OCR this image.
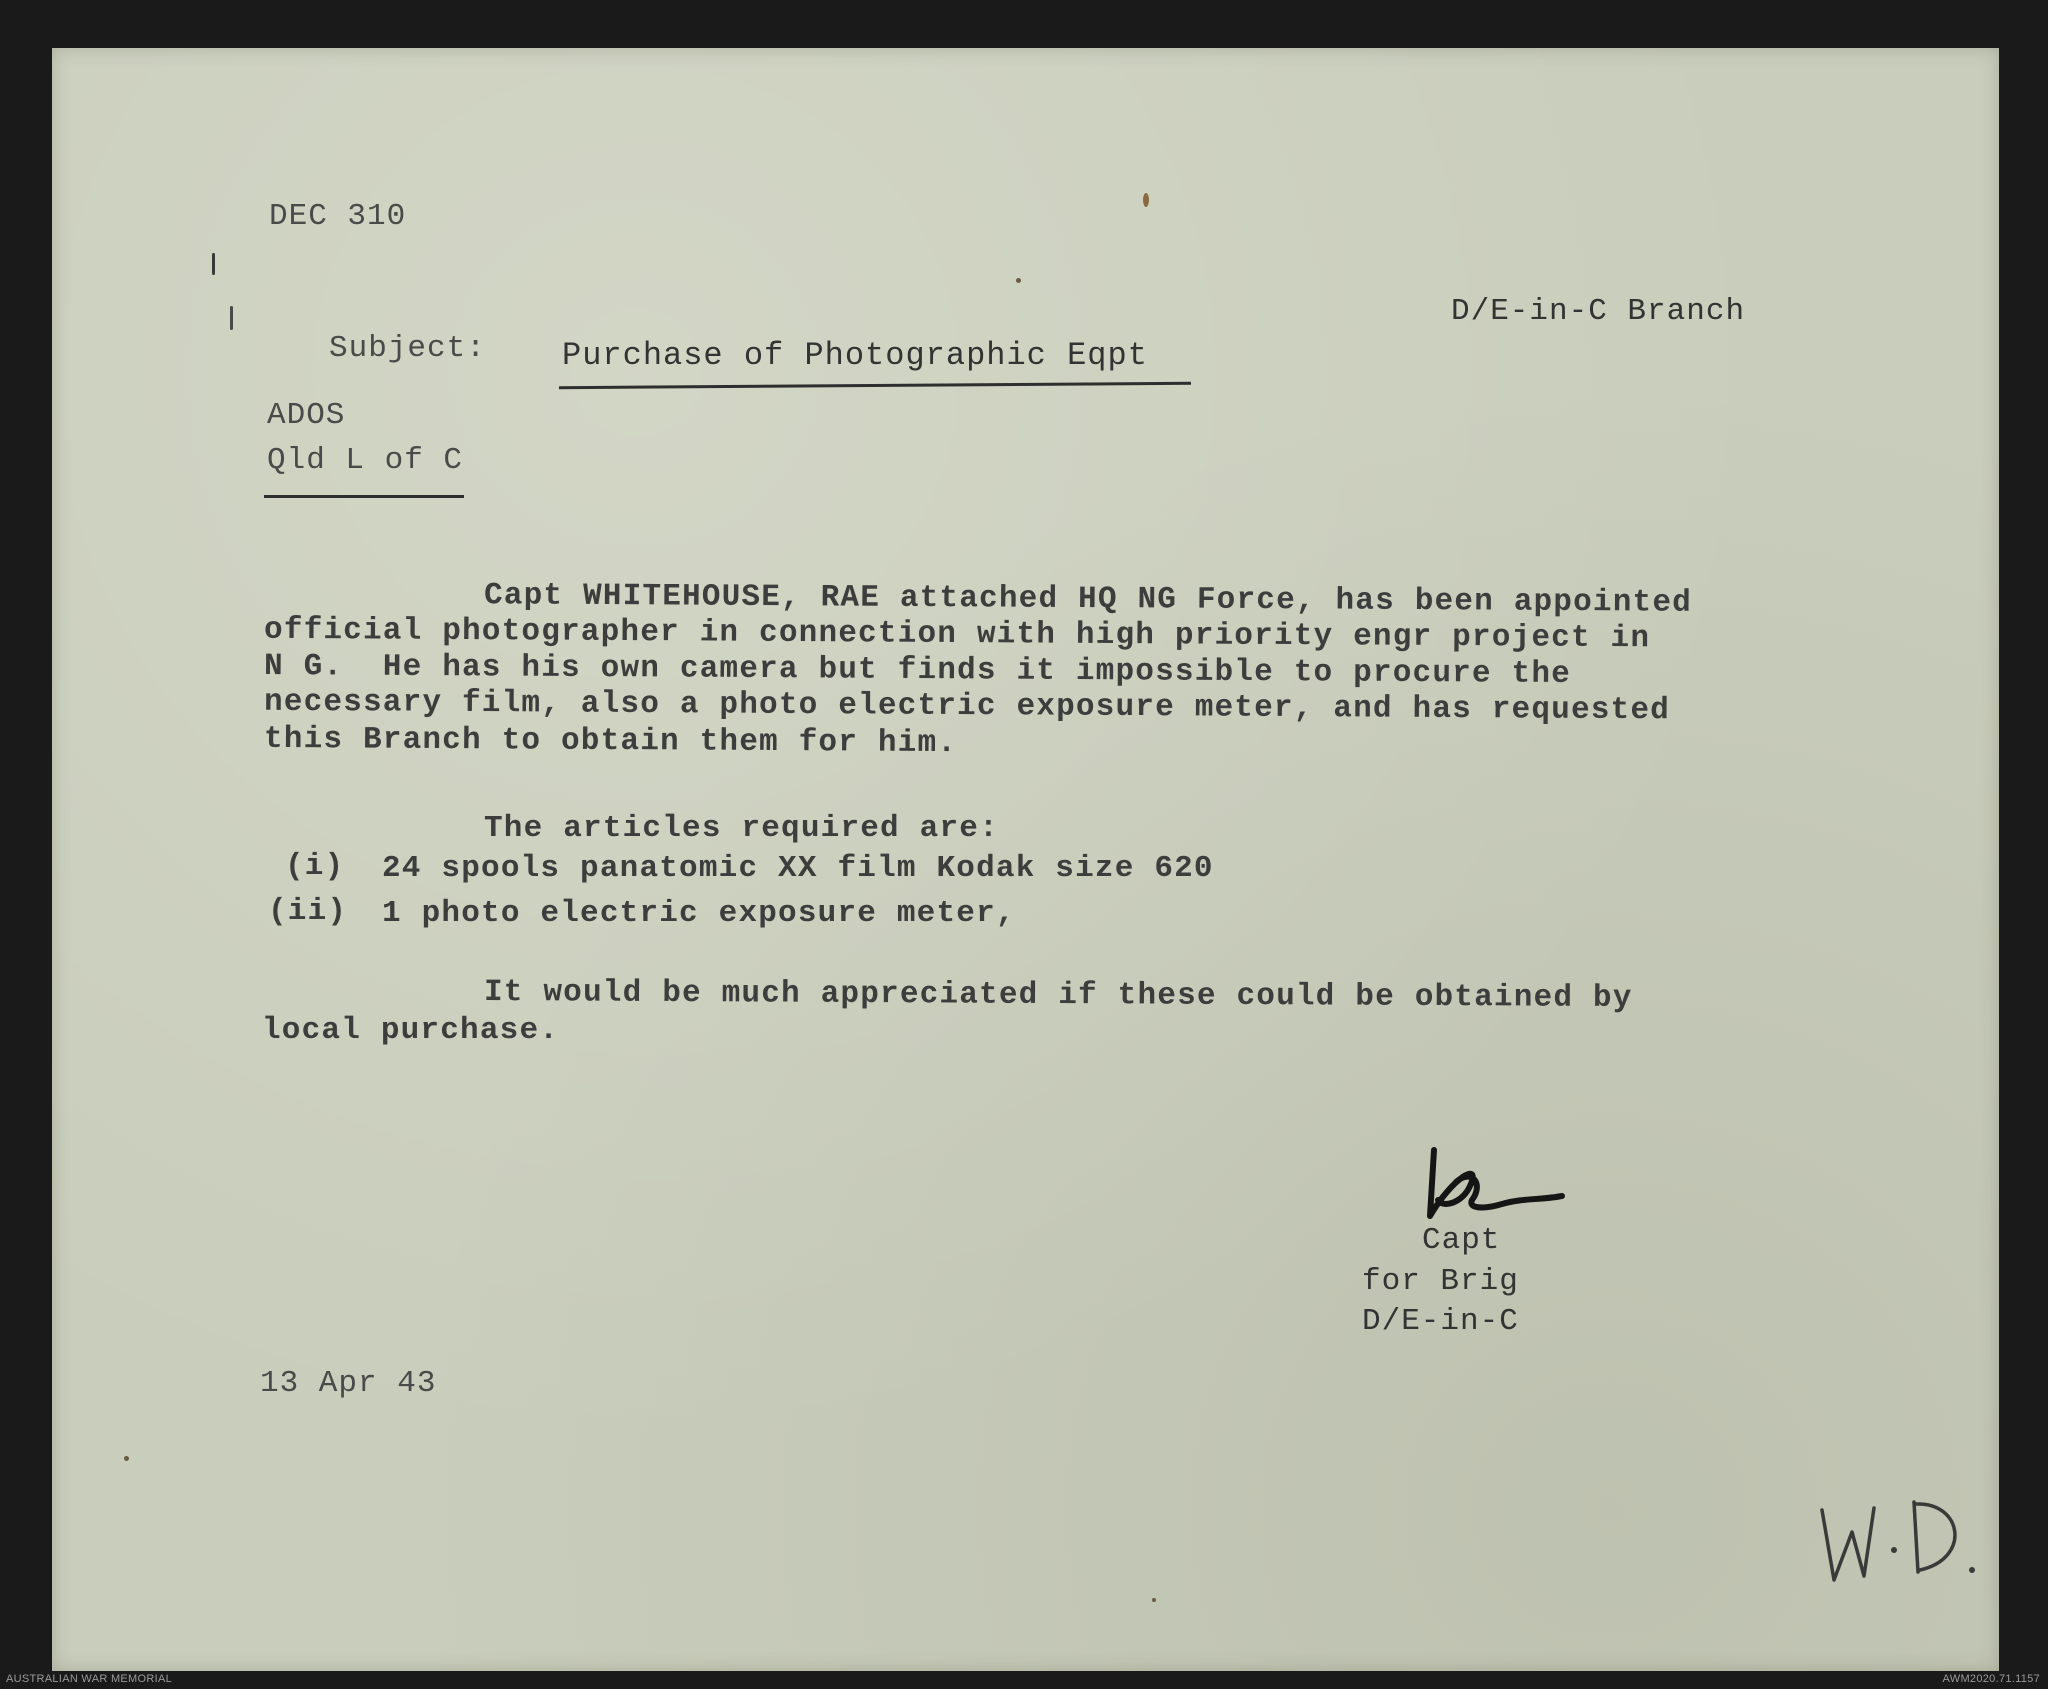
DEC 310
D/E-in-C Branch
Subject: Purchase of Photographic Eqpt
ADOS
Qld L of C
Capt WHITEHOUSE, RAE attached HQ NG Force, has been appointed
official photographer in connection with high priority engr project in
N G.  He has his own camera but finds it impossible to procure the
necessary film, also a photo electric exposure meter, and has requested
this Branch to obtain them for him.
The articles required are:
(i) 24 spools panatomic XX film Kodak size 620
(ii) 1 photo electric exposure meter,
It would be much appreciated if these could be obtained by
local purchase.
Capt
for Brig
D/E-in-C
13 Apr 43
AUSTRALIAN WAR MEMORIAL	AWM2020.71.1157
